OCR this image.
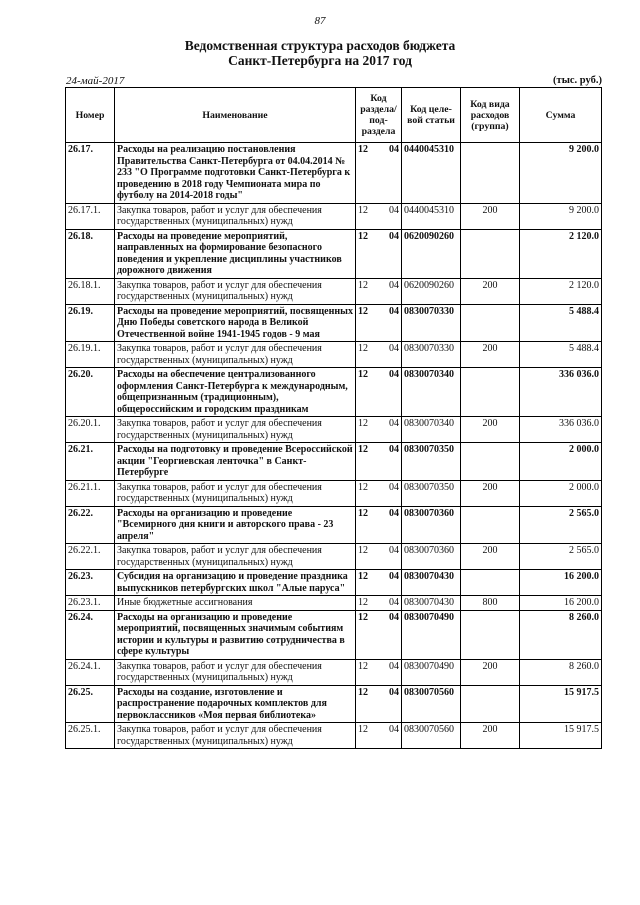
87
Ведомственная структура расходов бюджета
Санкт-Петербурга на 2017 год
24-май-2017	(тыс. руб.)
Номер	Наименование	Код раздела/ под- раздела	Код целе- вой статьи	Код вида расходов (группа)	Сумма
26.17.	Расходы на реализацию постановления Правительства Санкт-Петербурга от 04.04.2014 № 233 "О Программе подготовки Санкт-Петербурга к проведению в 2018 году Чемпионата мира по футболу на 2014-2018 годы"	12 04	0440045310		9 200.0
26.17.1.	Закупка товаров, работ и услуг для обеспечения государственных (муниципальных) нужд	12 04	0440045310	200	9 200.0
26.18.	Расходы на проведение мероприятий, направленных на формирование безопасного поведения и укрепление дисциплины участников дорожного движения	12 04	0620090260		2 120.0
26.18.1.	Закупка товаров, работ и услуг для обеспечения государственных (муниципальных) нужд	12 04	0620090260	200	2 120.0
26.19.	Расходы на проведение мероприятий, посвященных Дню Победы советского народа в Великой Отечественной войне 1941-1945 годов - 9 мая	12 04	0830070330		5 488.4
26.19.1.	Закупка товаров, работ и услуг для обеспечения государственных (муниципальных) нужд	12 04	0830070330	200	5 488.4
26.20.	Расходы на обеспечение централизованного оформления Санкт-Петербурга к международным, общепризнанным (традиционным), общероссийским и городским праздникам	12 04	0830070340		336 036.0
26.20.1.	Закупка товаров, работ и услуг для обеспечения государственных (муниципальных) нужд	12 04	0830070340	200	336 036.0
26.21.	Расходы на подготовку и проведение Всероссийской акции "Георгиевская ленточка" в Санкт-Петербурге	12 04	0830070350		2 000.0
26.21.1.	Закупка товаров, работ и услуг для обеспечения государственных (муниципальных) нужд	12 04	0830070350	200	2 000.0
26.22.	Расходы на организацию и проведение "Всемирного дня книги и авторского права - 23 апреля"	12 04	0830070360		2 565.0
26.22.1.	Закупка товаров, работ и услуг для обеспечения государственных (муниципальных) нужд	12 04	0830070360	200	2 565.0
26.23.	Субсидия на организацию и проведение праздника выпускников петербургских школ "Алые паруса"	12 04	0830070430		16 200.0
26.23.1.	Иные бюджетные ассигнования	12 04	0830070430	800	16 200.0
26.24.	Расходы на организацию и проведение мероприятий, посвященных значимым событиям истории и культуры и развитию сотрудничества в сфере культуры	12 04	0830070490		8 260.0
26.24.1.	Закупка товаров, работ и услуг для обеспечения государственных (муниципальных) нужд	12 04	0830070490	200	8 260.0
26.25.	Расходы на создание, изготовление и распространение подарочных комплектов для первоклассников «Моя первая библиотека»	12 04	0830070560		15 917.5
26.25.1.	Закупка товаров, работ и услуг для обеспечения государственных (муниципальных) нужд	12 04	0830070560	200	15 917.5
